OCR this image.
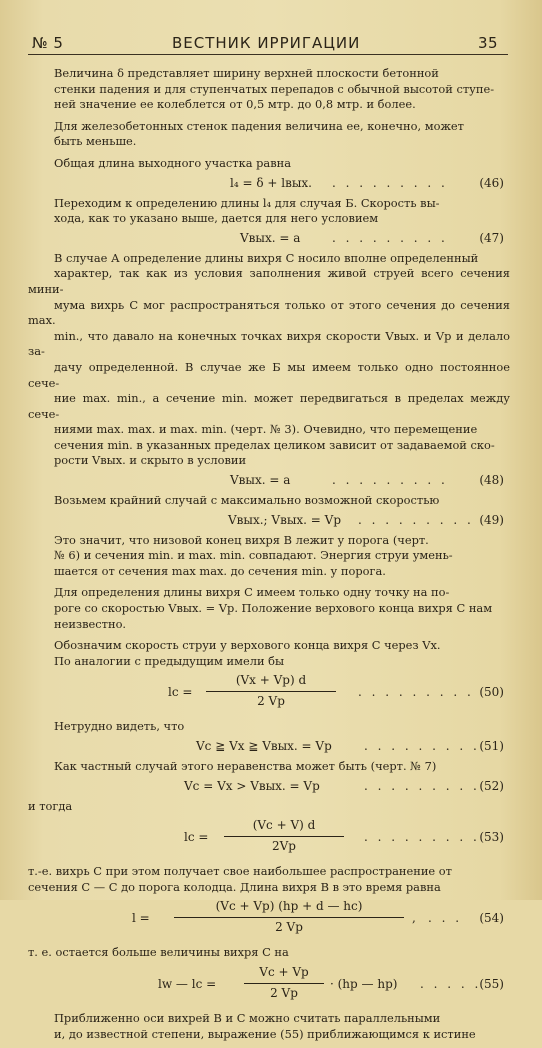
№ 5	ВЕСТНИК ИРРИГАЦИИ	35

Величина δ представляет ширину верхней плоскости бетонной
стенки падения и для ступенчатых перепадов с обычной высотой ступе-
ней значение ее колеблется от 0,5 мтр. до 0,8 мтр. и более.

Для железобетонных стенок падения величина ее, конечно, может
быть меньше.

Общая длина выходного участка равна

l₄ = δ + lвых. . . . . . . . . .	(46)

Переходим к определению длины l₄ для случая Б. Скорость вы-
хода, как то указано выше, дается для него условием

Vвых. = a	. . . . . . . . .	(47)

В случае А определение длины вихря С носило вполне определенный
характер, так как из условия заполнения живой струей всего сечения мини-
мума вихрь С мог распространяться только от этого сечения до сечения max.
min., что давало на конечных точках вихря скорости Vвых. и Vр и делало за-
дачу определенной. В случае же Б мы имеем только одно постоянное сече-
ние max. min., а сечение min. может передвигаться в пределах между сече-
ниями max. max. и max. min. (черт. № 3). Очевидно, что перемещение
сечения min. в указанных пределах целиком зависит от задаваемой ско-
рости Vвых. и скрыто в условии

Vвых. = a	. . . . . . . . .	(48)

Возьмем крайний случай с максимально возможной скоростью

Vвых.; Vвых. = Vр . . . . . . . . . (49)

Это значит, что низовой конец вихря В лежит у порога (черт.
№ 6) и сечения min. и max. min. совпадают. Энергия струи умень-
шается от сечения max max. до сечения min. у порога.

Для определения длины вихря С имеем только одну точку на по-
роге со скоростью Vвых. = Vр. Положение верхового конца вихря С нам
неизвестно.

Обозначим скорость струи у верхового конца вихря С через Vx.
По аналогии с предыдущим имели бы

lс =
(Vx + Vр) d
2 Vр
. . . . . . . . . (50)

Нетрудно видеть, что

Vс ≧ Vx ≧ Vвых. = Vр	. . . . . . . . . (51)

Как частный случай этого неравенства может быть (черт. № 7)

Vс = Vx > Vвых. = Vр	. . . . . . . . . (52)

и тогда

lс =
(Vс + V) d
2Vр
. . . . . . . . . (53)

т.-е. вихрь С при этом получает свое наибольшее распространение от
сечения С — С до порога колодца. Длина вихря В в это время равна

l =
(Vс + Vр) (hр + d — hс)
2 Vр
, . . . (54)

т. е. остается больше величины вихря С на

lw — lс =
Vс + Vр
2 Vр
· (hр — hр) . . . . .
(55)

Приближенно оси вихрей В и С можно считать параллельными
и, до известной степени, выражение (55) приближающимся к истине
